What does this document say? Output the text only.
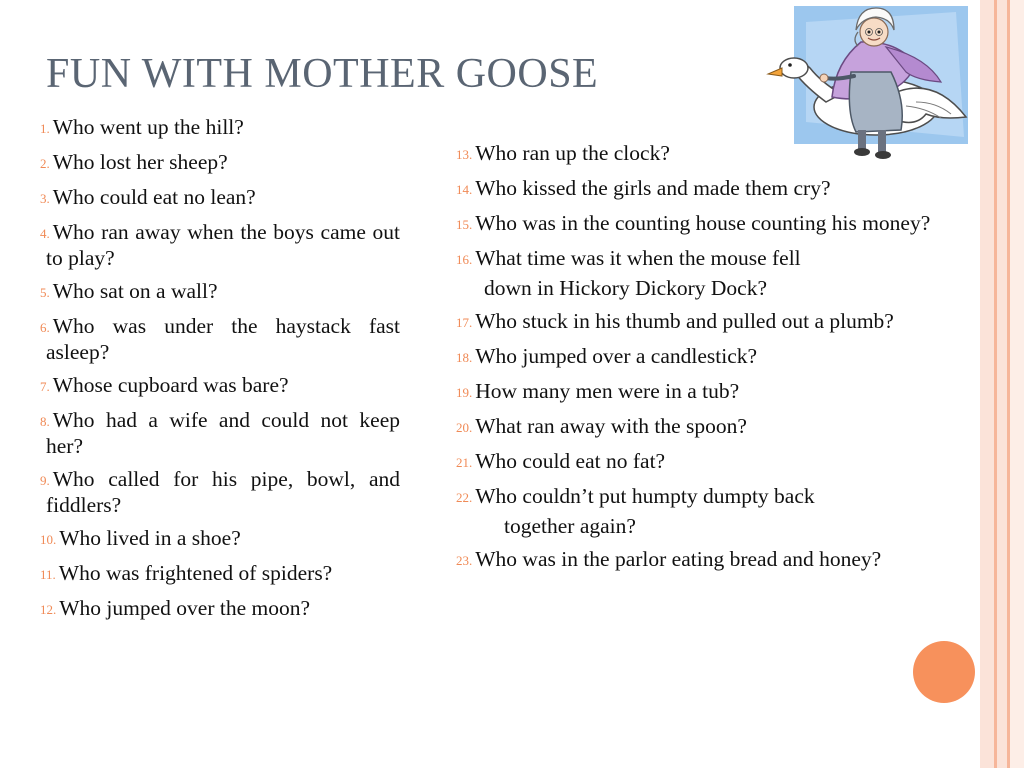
FUN WITH MOTHER GOOSE
1. Who went up the hill?
2. Who lost her sheep?
3. Who could eat no lean?
4. Who ran away when the boys came out to play?
5. Who sat on a wall?
6. Who was under the haystack fast asleep?
7. Whose cupboard was bare?
8. Who had a wife and could not keep her?
9. Who called for his pipe, bowl, and fiddlers?
10. Who lived in a shoe?
11. Who was frightened of spiders?
12. Who jumped over the moon?
13. Who ran up the clock?
14. Who kissed the girls and made them cry?
15. Who was in the counting house counting his money?
16. What time was it when the mouse fell
down in Hickory Dickory Dock?
17. Who stuck in his thumb and pulled out a plumb?
18. Who jumped over a candlestick?
19. How many men were in a tub?
20. What ran away with the spoon?
21. Who could eat no fat?
22. Who couldn’t put humpty dumpty back
together again?
23. Who was in the parlor eating bread and honey?
